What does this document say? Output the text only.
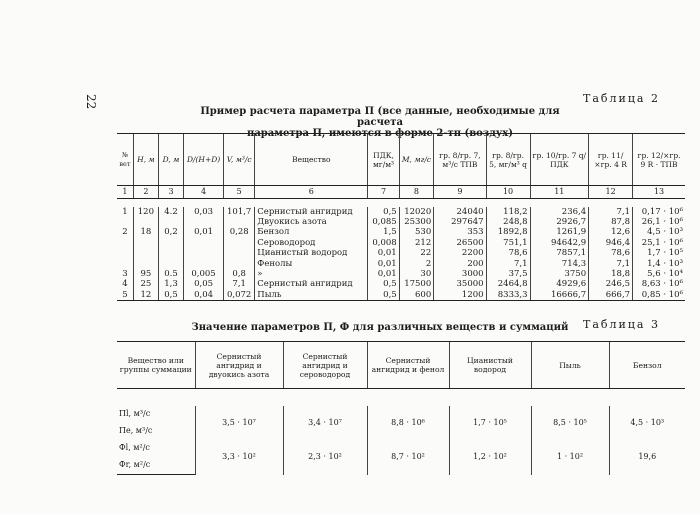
22	Таблица 2
Пример расчета параметра П (все данные, необходимые для расчета
параметра П, имеются в форме 2-тп (воздух)
№ вет	H, м	D, м	D/(H+D)	V, м³/с	Вещество	ПДК, мг/м³	M, мг/с	гр. 8/гр. 7, м³/с ТПВ	гр. 8/гр. 5, мг/м³ q	гр. 10/гр. 7 q/ПДК	гр. 11/×гр. 4 R	гр. 12/×гр. 9 R · ТПВ
1	2	3	4	5	6	7	8	9	10	11	12	13

1	120	4.2	0,03	101,7	Сернистый ангидрид	0,5	12020	24040	118,2	236,4	7,1	0,17 · 10⁶
					Двуокись азота	0,085	25300	297647	248,8	2926,7	87,8	26,1 · 10⁶
2	18	0,2	0,01	0,28	Бензол	1,5	530	353	1892,8	1261,9	12,6	4,5 · 10³
					Сероводород	0,008	212	26500	751,1	94642,9	946,4	25,1 · 10⁶
					Цианистый водород	0,01	22	2200	78,6	7857,1	78,6	1,7 · 10⁵
					Фенолы	0,01	2	200	7,1	714,3	7,1	1,4 · 10³
3	95	0.5	0,005	0,8	»	0,01	30	3000	37,5	3750	18,8	5,6 · 10⁴
4	25	1,3	0,05	7,1	Сернистый ангидрид	0,5	17500	35000	2464,8	4929,6	246,5	8,63 · 10⁶
5	12	0,5	0,04	0,072	Пыль	0,5	600	1200	8333,3	16666,7	666,7	0,85 · 10⁶
Таблица 3
Значение параметров П, Ф для различных веществ и суммаций
Вещество или группы суммации	Сернистый ангидрид и двуокись азота	Сернистый ангидрид и сероводород	Сернистый ангидрид и фенол	Цианистый водород	Пыль	Бензол

Пl, м³/с	3,5 · 10⁷	3,4 · 10⁷	8,8 · 10⁶	1,7 · 10⁵	8,5 · 10⁵	4,5 · 10³
Пe, м³/с						
Фl, м²/с	3,3 · 10²	2,3 · 10²	8,7 · 10²	1,2 · 10²	1 · 10²	19,6
Фr, м²/с						
